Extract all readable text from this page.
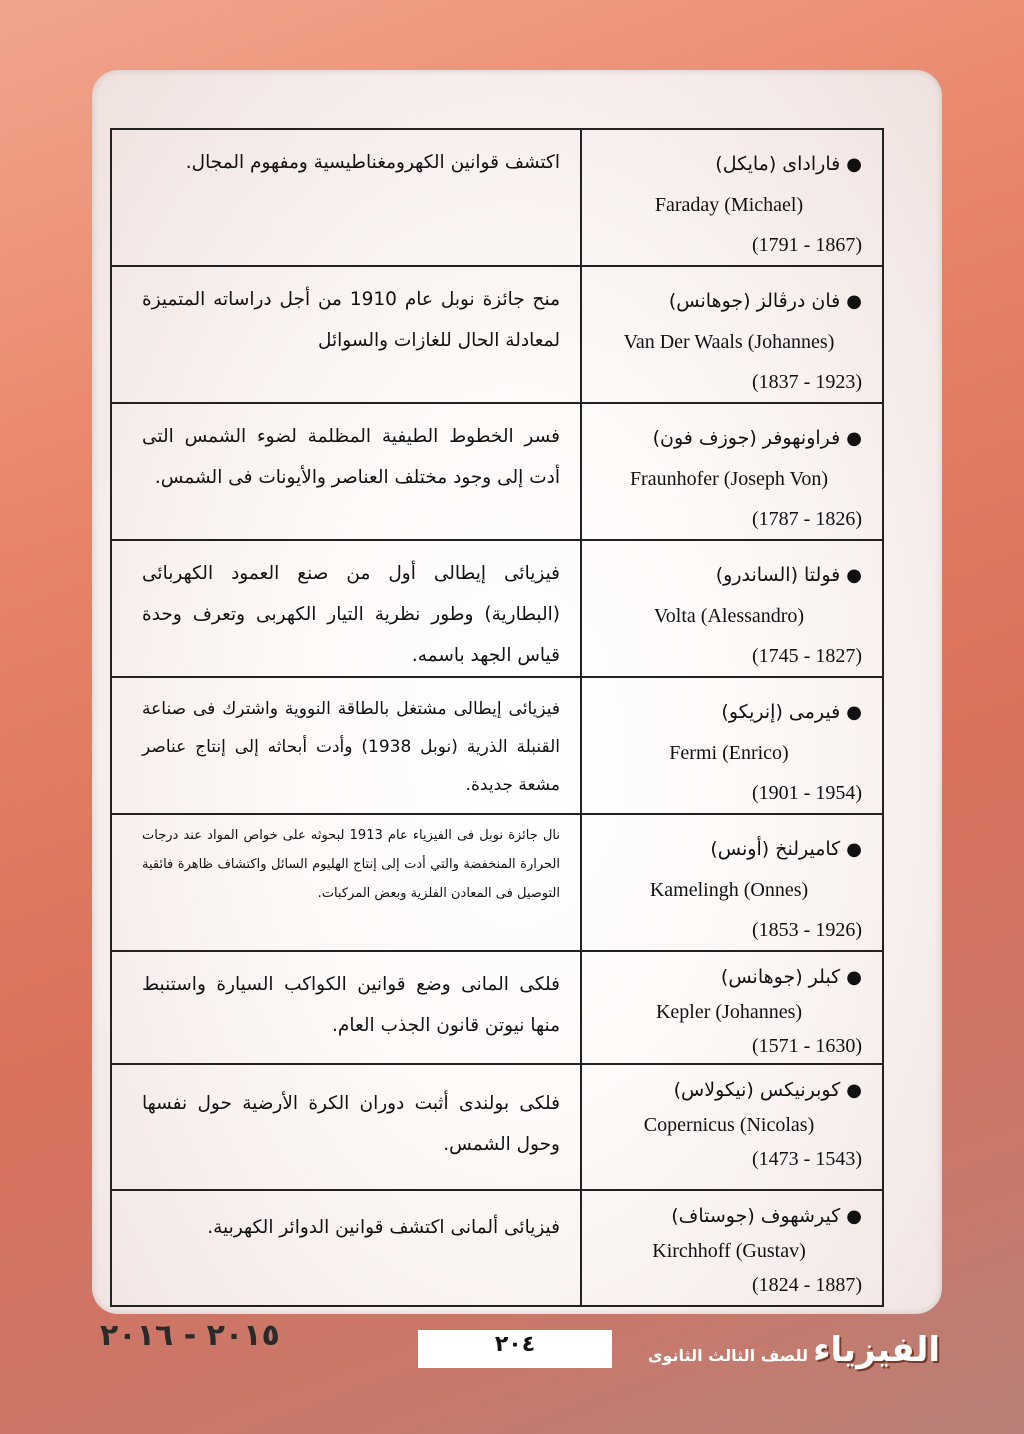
اكتشف قوانين الكهرومغناطيسية ومفهوم المجال.	● فارادای (مایکل)
Faraday (Michael)
(1791 - 1867)

منح جائزة نوبل عام 1910 من أجل دراساته المتميزة لمعادلة الحال للغازات والسوائل	● فان درڤالز (جوهانس)
Van Der Waals (Johannes)
(1837 - 1923)

فسر الخطوط الطيفية المظلمة لضوء الشمس التى أدت إلى وجود مختلف العناصر والأيونات فى الشمس.	● فراونهوفر (جوزف فون)
Fraunhofer (Joseph Von)
(1787 - 1826)

فيزيائى إيطالى أول من صنع العمود الكهربائى (البطارية) وطور نظرية التيار الكهربى وتعرف وحدة قياس الجهد باسمه.	● فولتا (الساندرو)
Volta (Alessandro)
(1745 - 1827)

فيزيائى إيطالى مشتغل بالطاقة النووية واشترك فى صناعة القنبلة الذرية (نوبل 1938) وأدت أبحاثه إلى إنتاج عناصر مشعة جديدة.	● فيرمى (إنريكو)
Fermi (Enrico)
(1901 - 1954)

نال جائزة نوبل فى الفيزياء عام 1913 لبحوثه على خواص المواد عند درجات الحرارة المنخفضة والتي أدت إلى إنتاج الهليوم السائل واكتشاف ظاهرة فائقية التوصيل فى المعادن الفلزية وبعض المركبات.	● كاميرلنخ (أونس)
Kamelingh (Onnes)
(1853 - 1926)

فلكى المانى وضع قوانين الكواكب السيارة واستنبط منها نيوتن قانون الجذب العام.	● كبلر (جوهانس)
Kepler (Johannes)
(1571 - 1630)

فلكى بولندى أثبت دوران الكرة الأرضية حول نفسها وحول الشمس.	● كوبرنيكس (نيكولاس)
Copernicus (Nicolas)
(1473 - 1543)

فيزيائى ألمانى اكتشف قوانين الدوائر الكهربية.	● كيرشهوف (جوستاف)
Kirchhoff (Gustav)
(1824 - 1887)
٢٠١٥ - ٢٠١٦	٢٠٤	الفيزياء للصف الثالث الثانوى
